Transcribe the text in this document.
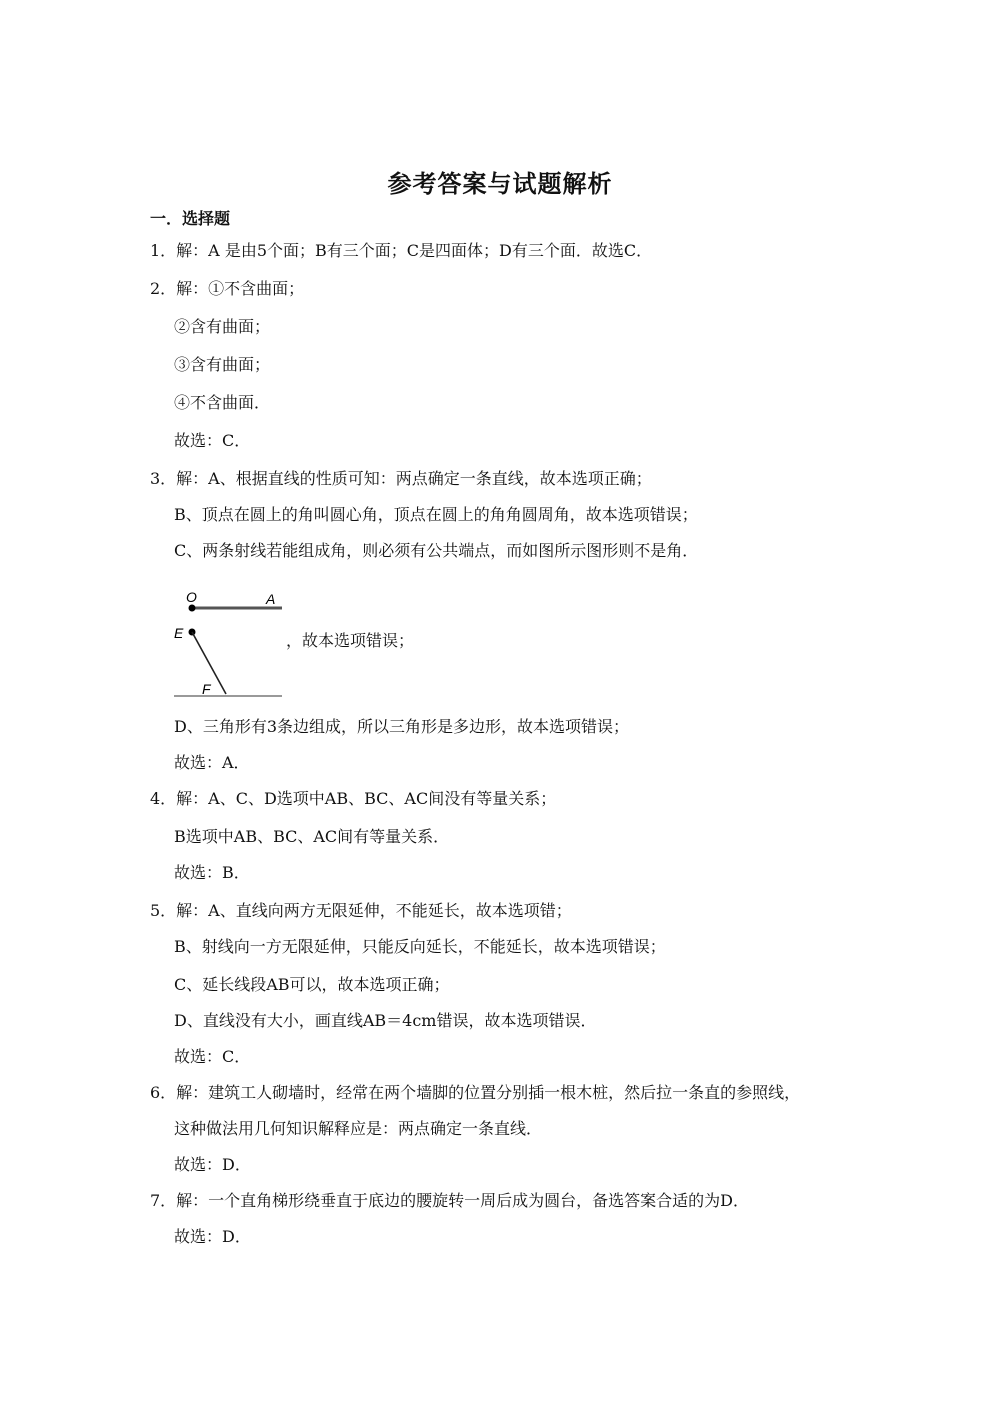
参考答案与试题解析
一．选择题
1．解：A 是由5个面；B有三个面；C是四面体；D有三个面．故选C．
2．解：①不含曲面；
②含有曲面；
③含有曲面；
④不含曲面．
故选：C．
3．解：A、根据直线的性质可知：两点确定一条直线，故本选项正确；
B、顶点在圆上的角叫圆心角，顶点在圆上的角角圆周角，故本选项错误；
C、两条射线若能组成角，则必须有公共端点，而如图所示图形则不是角．
O	A
E
F
，故本选项错误；
D、三角形有3条边组成，所以三角形是多边形，故本选项错误；
故选：A．
4．解：A、C、D选项中AB、BC、AC间没有等量关系；
B选项中AB、BC、AC间有等量关系．
故选：B．
5．解：A、直线向两方无限延伸，不能延长，故本选项错；
B、射线向一方无限延伸，只能反向延长，不能延长，故本选项错误；
C、延长线段AB可以，故本选项正确；
D、直线没有大小，画直线AB＝4cm错误，故本选项错误．
故选：C．
6．解：建筑工人砌墙时，经常在两个墙脚的位置分别插一根木桩，然后拉一条直的参照线，
这种做法用几何知识解释应是：两点确定一条直线．
故选：D．
7．解：一个直角梯形绕垂直于底边的腰旋转一周后成为圆台，备选答案合适的为D．
故选：D．
